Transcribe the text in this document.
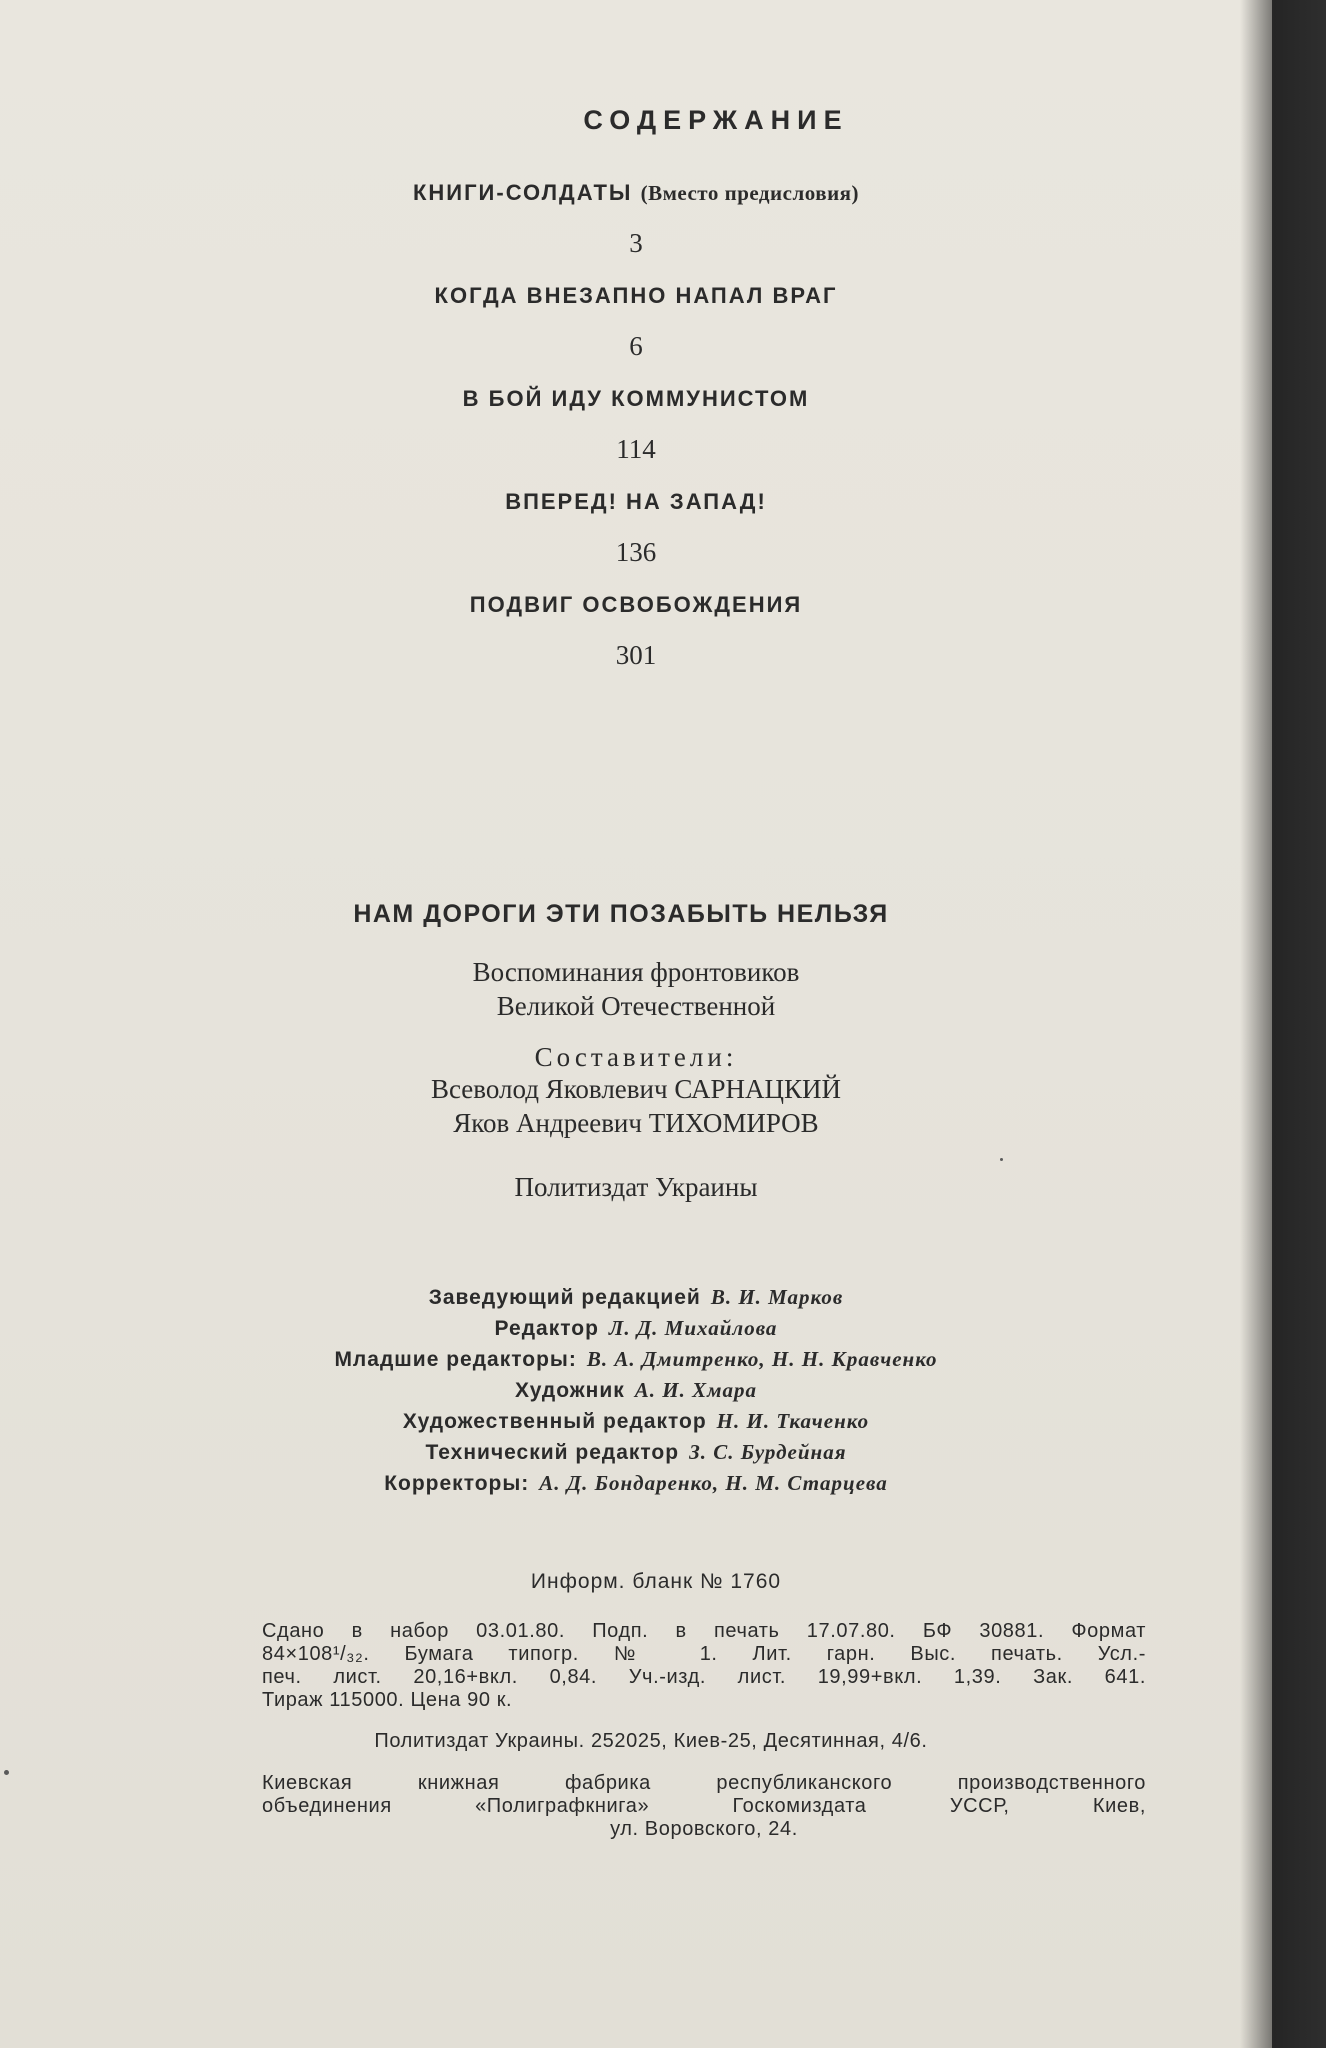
СОДЕРЖАНИЕ
КНИГИ-СОЛДАТЫ (Вместо предисловия)
3
КОГДА ВНЕЗАПНО НАПАЛ ВРАГ
6
В БОЙ ИДУ КОММУНИСТОМ
114
ВПЕРЕД! НА ЗАПАД!
136
ПОДВИГ ОСВОБОЖДЕНИЯ
301
НАМ ДОРОГИ ЭТИ ПОЗАБЫТЬ НЕЛЬЗЯ
Воспоминания фронтовиков
Великой Отечественной
Составители:
Всеволод Яковлевич САРНАЦКИЙ
Яков Андреевич ТИХОМИРОВ
Политиздат Украины
Заведующий редакцией В. И. Марков
Редактор Л. Д. Михайлова
Младшие редакторы: В. А. Дмитренко, Н. Н. Кравченко
Художник А. И. Хмара
Художественный редактор Н. И. Ткаченко
Технический редактор З. С. Бурдейная
Корректоры: А. Д. Бондаренко, Н. М. Старцева
Информ. бланк № 1760
Сдано в набор 03.01.80. Подп. в печать 17.07.80. БФ 30881. Формат
84×108¹/₃₂. Бумага типогр. № 1. Лит. гарн. Выс. печать. Усл.-
печ. лист. 20,16+вкл. 0,84. Уч.-изд. лист. 19,99+вкл. 1,39. Зак. 641.
Тираж 115000. Цена 90 к.
Политиздат Украины. 252025, Киев-25, Десятинная, 4/6.
Киевская книжная фабрика республиканского производственного
объединения «Полиграфкнига» Госкомиздата УССР, Киев,
ул. Воровского, 24.
